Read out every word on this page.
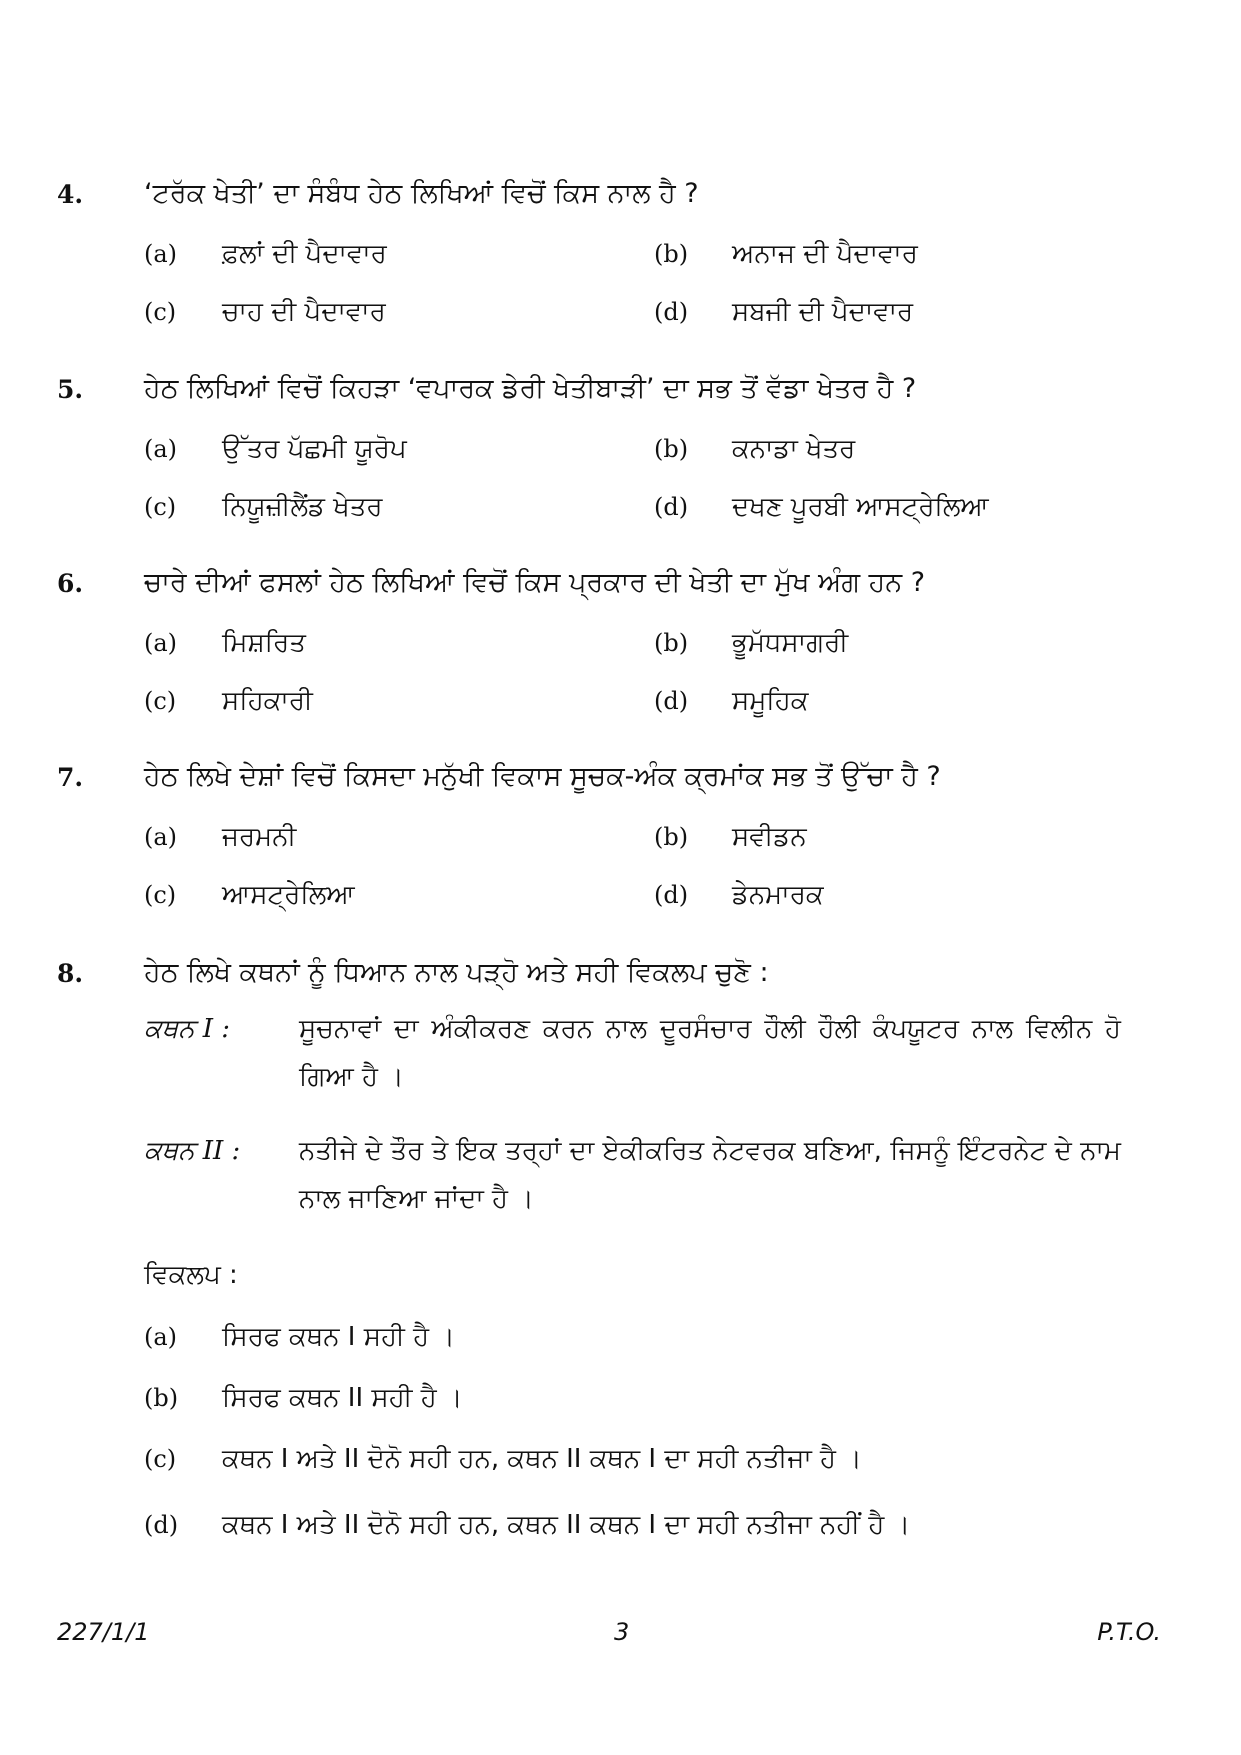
4.	‘ਟਰੱਕ ਖੇਤੀ’ ਦਾ ਸੰਬੰਧ ਹੇਠ ਲਿਖਿਆਂ ਵਿਚੋਂ ਕਿਸ ਨਾਲ ਹੈ ?
(a) ਫ਼ਲਾਂ ਦੀ ਪੈਦਾਵਾਰ	(b) ਅਨਾਜ ਦੀ ਪੈਦਾਵਾਰ
(c) ਚਾਹ ਦੀ ਪੈਦਾਵਾਰ	(d) ਸਬਜੀ ਦੀ ਪੈਦਾਵਾਰ
5.	ਹੇਠ ਲਿਖਿਆਂ ਵਿਚੋਂ ਕਿਹੜਾ ‘ਵਪਾਰਕ ਡੇਰੀ ਖੇਤੀਬਾੜੀ’ ਦਾ ਸਭ ਤੋਂ ਵੱਡਾ ਖੇਤਰ ਹੈ ?
(a) ਉੱਤਰ ਪੱਛਮੀ ਯੂਰੋਪ	(b) ਕਨਾਡਾ ਖੇਤਰ
(c) ਨਿਯੂਜ਼ੀਲੈਂਡ ਖੇਤਰ	(d) ਦਖਣ ਪੂਰਬੀ ਆਸਟ੍ਰੇਲਿਆ
6.	ਚਾਰੇ ਦੀਆਂ ਫਸਲਾਂ ਹੇਠ ਲਿਖਿਆਂ ਵਿਚੋਂ ਕਿਸ ਪ੍ਰਕਾਰ ਦੀ ਖੇਤੀ ਦਾ ਮੁੱਖ ਅੰਗ ਹਨ ?
(a) ਮਿਸ਼ਰਿਤ	(b) ਭੂਮੱਧਸਾਗਰੀ
(c) ਸਹਿਕਾਰੀ	(d) ਸਮੂਹਿਕ
7.	ਹੇਠ ਲਿਖੇ ਦੇਸ਼ਾਂ ਵਿਚੋਂ ਕਿਸਦਾ ਮਨੁੱਖੀ ਵਿਕਾਸ ਸੂਚਕ-ਅੰਕ ਕ੍ਰਮਾਂਕ ਸਭ ਤੋਂ ਉੱਚਾ ਹੈ ?
(a) ਜਰਮਨੀ	(b) ਸਵੀਡਨ
(c) ਆਸਟ੍ਰੇਲਿਆ	(d) ਡੇਨਮਾਰਕ
8.	ਹੇਠ ਲਿਖੇ ਕਥਨਾਂ ਨੂੰ ਧਿਆਨ ਨਾਲ ਪੜ੍ਹੋ ਅਤੇ ਸਹੀ ਵਿਕਲਪ ਚੁਣੋ :
ਕਥਨ I :	ਸੂਚਨਾਵਾਂ ਦਾ ਅੰਕੀਕਰਣ ਕਰਨ ਨਾਲ ਦੂਰਸੰਚਾਰ ਹੌਲੀ ਹੌਲੀ ਕੰਪਯੂਟਰ ਨਾਲ ਵਿਲੀਨ ਹੋ ਗਿਆ ਹੈ ।
ਕਥਨ II : ਨਤੀਜੇ ਦੇ ਤੌਰ ਤੇ ਇਕ ਤਰ੍ਹਾਂ ਦਾ ਏਕੀਕਰਿਤ ਨੇਟਵਰਕ ਬਣਿਆ, ਜਿਸਨੂੰ ਇੰਟਰਨੇਟ ਦੇ ਨਾਮ ਨਾਲ ਜਾਣਿਆ ਜਾਂਦਾ ਹੈ ।
ਵਿਕਲਪ :
(a) ਸਿਰਫ ਕਥਨ I ਸਹੀ ਹੈ ।
(b) ਸਿਰਫ ਕਥਨ II ਸਹੀ ਹੈ ।
(c) ਕਥਨ I ਅਤੇ II ਦੋਨੋ ਸਹੀ ਹਨ, ਕਥਨ II ਕਥਨ I ਦਾ ਸਹੀ ਨਤੀਜਾ ਹੈ ।
(d)	ਕਥਨ I ਅਤੇ II ਦੋਨੋ ਸਹੀ ਹਨ, ਕਥਨ II ਕਥਨ I ਦਾ ਸਹੀ ਨਤੀਜਾ ਨਹੀਂ ਹੈ ।
227/1/1	3	P.T.O.
